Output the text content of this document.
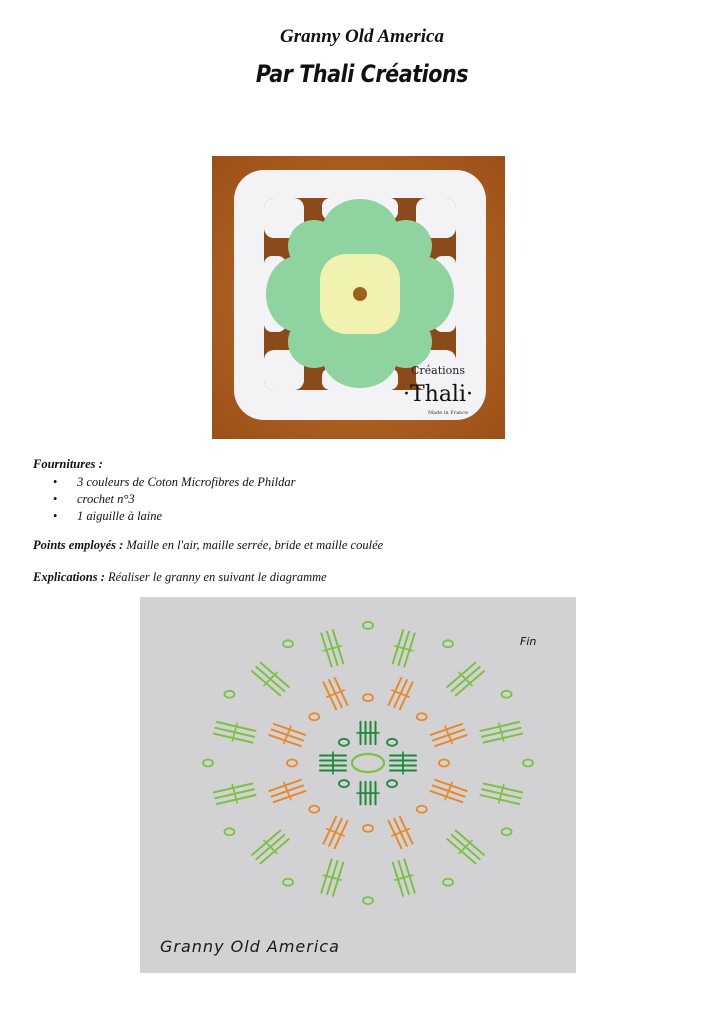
Granny Old America
Par Thali Créations
Créations
·Thali·
Made in France
Fournitures :
• 3 couleurs de Coton Microfibres de Phildar
• crochet n°3
• 1 aiguille à laine
Points employés : Maille en l'air, maille serrée, bride et maille coulée
Explications : Réaliser le granny en suivant le diagramme
Fin
Granny Old America
